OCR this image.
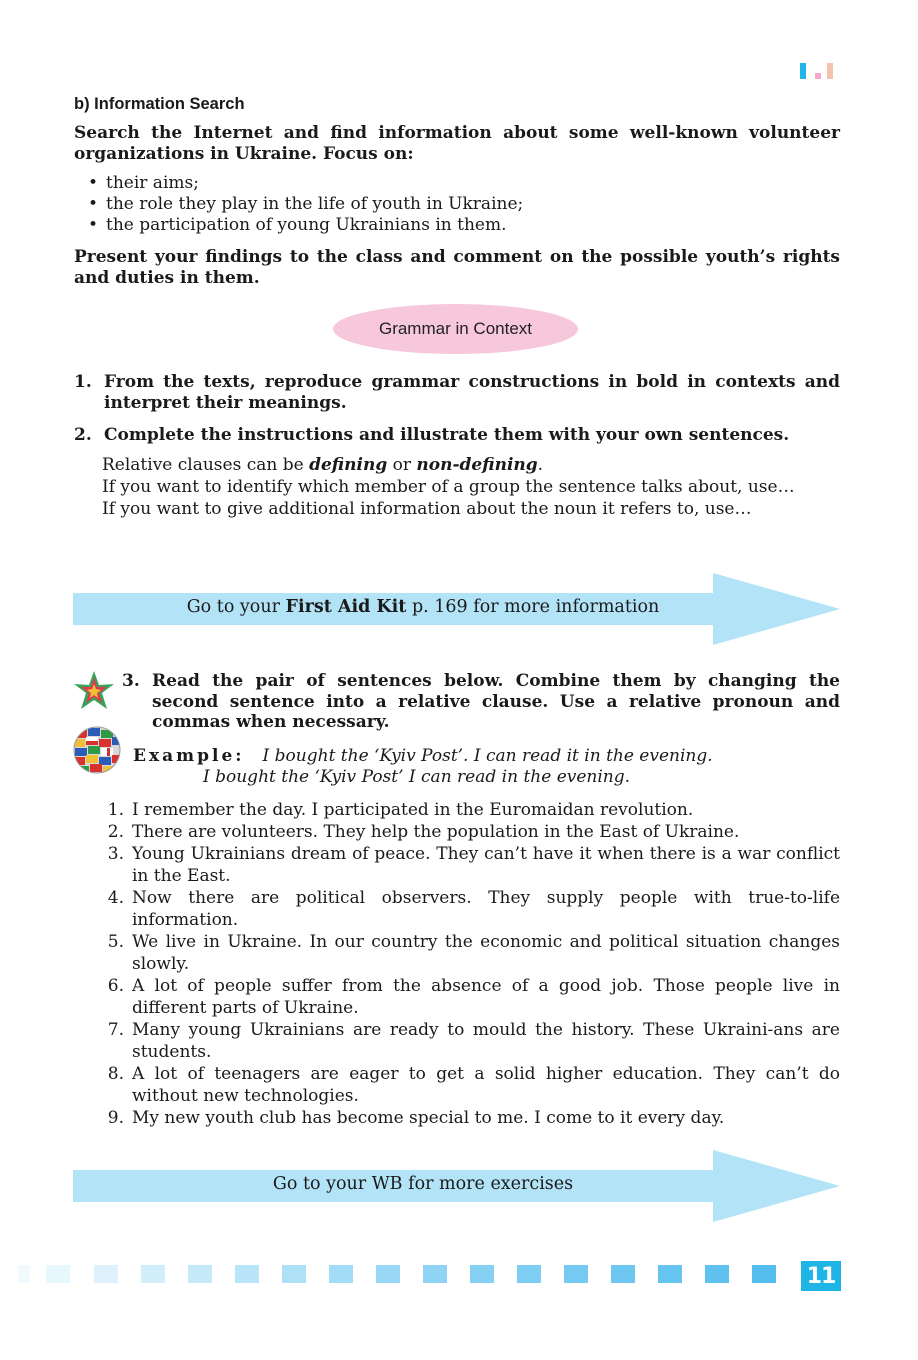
b) Information Search
Search the Internet and find information about some well-known volunteer organizations in Ukraine. Focus on:
• their aims;
• the role they play in the life of youth in Ukraine;
• the participation of young Ukrainians in them.
Present your findings to the class and comment on the possible youth’s rights and duties in them.
Grammar in Context
1. From the texts, reproduce grammar constructions in bold in contexts and interpret their meanings.
2. Complete the instructions and illustrate them with your own sentences.
Relative clauses can be defining or non-defining.
If you want to identify which member of a group the sentence talks about, use…
If you want to give additional information about the noun it refers to, use…
Go to your First Aid Kit p. 169 for more information
3. Read the pair of sentences below. Combine them by changing the second sentence into a relative clause. Use a relative pronoun and commas when necessary.
Example: I bought the ‘Kyiv Post’. I can read it in the evening.
I bought the ‘Kyiv Post’ I can read in the evening.
1. I remember the day. I participated in the Euromaidan revolution.
2. There are volunteers. They help the population in the East of Ukraine.
3. Young Ukrainians dream of peace. They can’t have it when there is a war conflict in the East.
4. Now there are political observers. They supply people with true-to-life information.
5. We live in Ukraine. In our country the economic and political situation changes slowly.
6. A lot of people suffer from the absence of a good job. Those people live in different parts of Ukraine.
7. Many young Ukrainians are ready to mould the history. These Ukraini-ans are students.
8. A lot of teenagers are eager to get a solid higher education. They can’t do without new technologies.
9. My new youth club has become special to me. I come to it every day.
Go to your WB for more exercises
11
